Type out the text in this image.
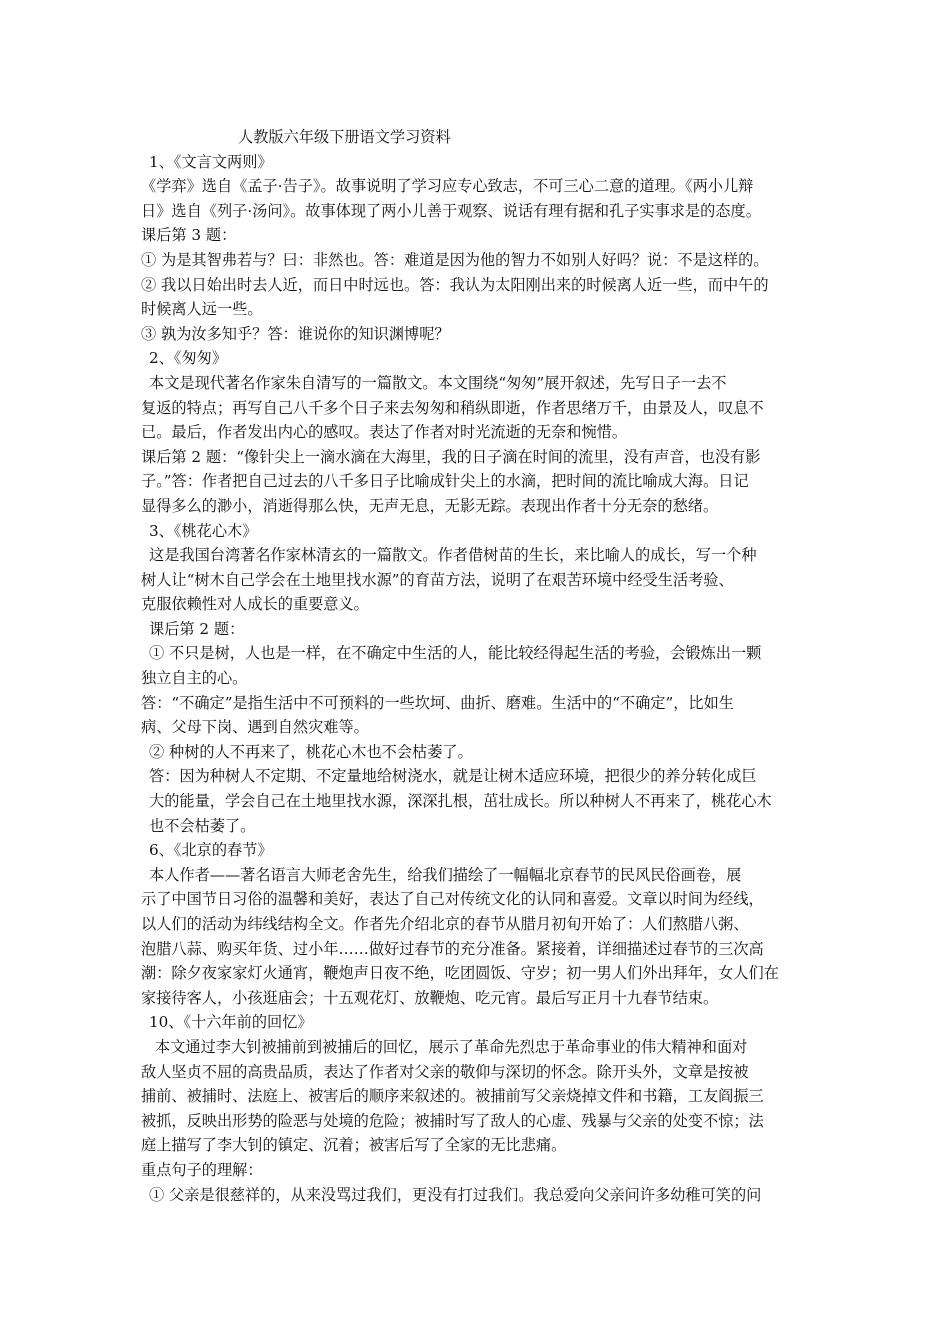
人教版六年级下册语文学习资料

1、《文言文两则》

《学弈》选自《孟子·告子》。故事说明了学习应专心致志，不可三心二意的道理。《两小儿辩

日》选自《列子·汤问》。故事体现了两小儿善于观察、说话有理有据和孔子实事求是的态度。

课后第 3 题：

① 为是其智弗若与？曰：非然也。答：难道是因为他的智力不如别人好吗？说：不是这样的。

② 我以日始出时去人近，而日中时远也。答：我认为太阳刚出来的时候离人近一些，而中午的

时候离人远一些。

③ 孰为汝多知乎？答：谁说你的知识渊博呢？

2、《匆匆》

本文是现代著名作家朱自清写的一篇散文。本文围绕“匆匆”展开叙述，先写日子一去不

复返的特点；再写自己八千多个日子来去匆匆和稍纵即逝，作者思绪万千，由景及人，叹息不

已。最后，作者发出内心的感叹。表达了作者对时光流逝的无奈和惋惜。

课后第 2 题：“像针尖上一滴水滴在大海里，我的日子滴在时间的流里，没有声音，也没有影

子。”答：作者把自己过去的八千多日子比喻成针尖上的水滴，把时间的流比喻成大海。日记

显得多么的渺小，消逝得那么快，无声无息，无影无踪。表现出作者十分无奈的愁绪。

3、《桃花心木》

这是我国台湾著名作家林清玄的一篇散文。作者借树苗的生长，来比喻人的成长，写一个种

树人让“树木自己学会在土地里找水源”的育苗方法，说明了在艰苦环境中经受生活考验、

克服依赖性对人成长的重要意义。

课后第 2 题：

① 不只是树，人也是一样，在不确定中生活的人，能比较经得起生活的考验，会锻炼出一颗

独立自主的心。

答：“不确定”是指生活中不可预料的一些坎坷、曲折、磨难。生活中的“不确定”，比如生

病、父母下岗、遇到自然灾难等。

② 种树的人不再来了，桃花心木也不会枯萎了。

答：因为种树人不定期、不定量地给树浇水，就是让树木适应环境，把很少的养分转化成巨

大的能量，学会自己在土地里找水源，深深扎根，茁壮成长。所以种树人不再来了，桃花心木

也不会枯萎了。

6、《北京的春节》

本人作者——著名语言大师老舍先生，给我们描绘了一幅幅北京春节的民风民俗画卷，展

示了中国节日习俗的温馨和美好，表达了自己对传统文化的认同和喜爱。文章以时间为经线，

以人们的活动为纬线结构全文。作者先介绍北京的春节从腊月初旬开始了：人们熬腊八粥、

泡腊八蒜、购买年货、过小年……做好过春节的充分准备。紧接着，详细描述过春节的三次高

潮：除夕夜家家灯火通宵，鞭炮声日夜不绝，吃团圆饭、守岁；初一男人们外出拜年，女人们在

家接待客人，小孩逛庙会；十五观花灯、放鞭炮、吃元宵。最后写正月十九春节结束。

10、《十六年前的回忆》

本文通过李大钊被捕前到被捕后的回忆，展示了革命先烈忠于革命事业的伟大精神和面对

敌人坚贞不屈的高贵品质，表达了作者对父亲的敬仰与深切的怀念。除开头外，文章是按被

捕前、被捕时、法庭上、被害后的顺序来叙述的。被捕前写父亲烧掉文件和书籍，工友阎振三

被抓，反映出形势的险恶与处境的危险；被捕时写了敌人的心虚、残暴与父亲的处变不惊；法

庭上描写了李大钊的镇定、沉着；被害后写了全家的无比悲痛。

重点句子的理解：

① 父亲是很慈祥的，从来没骂过我们，更没有打过我们。我总爱向父亲问许多幼稚可笑的问
